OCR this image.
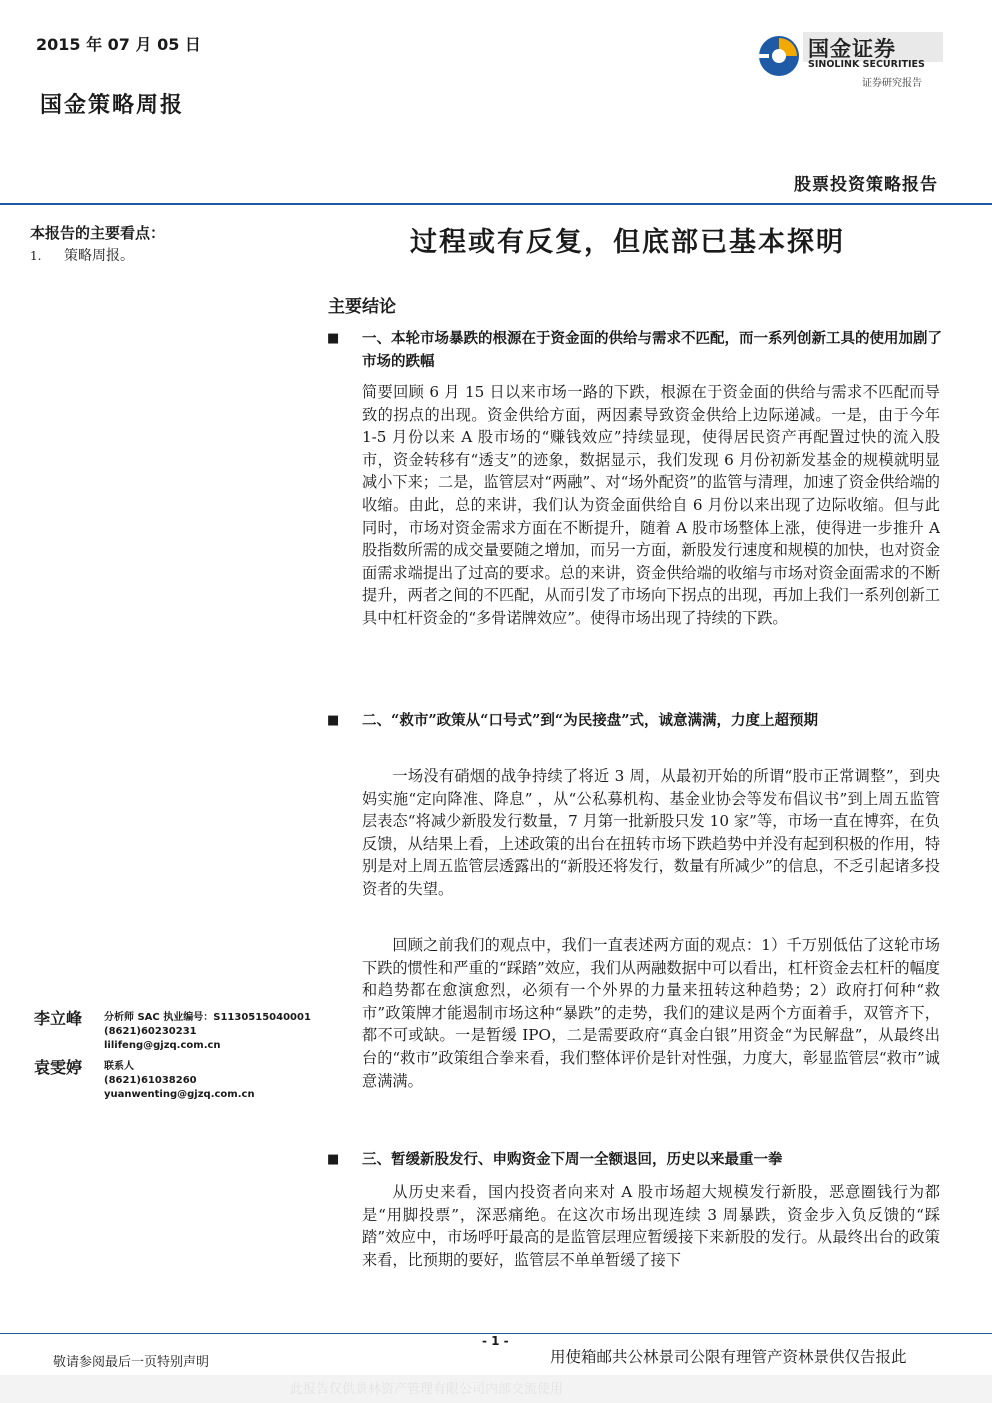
2015 年 07 月 05 日
国金策略周报
国金证券
SINOLINK SECURITIES
证券研究报告
股票投资策略报告
本报告的主要看点：
1. 策略周报。	过程或有反复，但底部已基本探明
主要结论
■ 一、本轮市场暴跌的根源在于资金面的供给与需求不匹配，而一系列创新工具的使用加剧了市场的跌幅

简要回顾 6 月 15 日以来市场一路的下跌，根源在于资金面的供给与需求不匹配而导致的拐点的出现。资金供给方面，两因素导致资金供给上边际递减。一是，由于今年 1-5 月份以来 A 股市场的“赚钱效应”持续显现，使得居民资产再配置过快的流入股市，资金转移有“透支”的迹象，数据显示，我们发现 6 月份初新发基金的规模就明显减小下来；二是，监管层对“两融”、对“场外配资”的监管与清理，加速了资金供给端的收缩。由此，总的来讲，我们认为资金面供给自 6 月份以来出现了边际收缩。但与此同时，市场对资金需求方面在不断提升，随着 A 股市场整体上涨，使得进一步推升 A 股指数所需的成交量要随之增加，而另一方面，新股发行速度和规模的加快，也对资金面需求端提出了过高的要求。总的来讲，资金供给端的收缩与市场对资金面需求的不断提升，两者之间的不匹配，从而引发了市场向下拐点的出现，再加上我们一系列创新工具中杠杆资金的“多骨诺牌效应”。使得市场出现了持续的下跌。

■ 二、“救市”政策从“口号式”到“为民接盘”式，诚意满满，力度上超预期

一场没有硝烟的战争持续了将近 3 周，从最初开始的所谓“股市正常调整”，到央妈实施“定向降准、降息” ，从“公私募机构、基金业协会等发布倡议书”到上周五监管层表态“将减少新股发行数量，7 月第一批新股只发 10 家”等，市场一直在博弈，在负反馈，从结果上看，上述政策的出台在扭转市场下跌趋势中并没有起到积极的作用，特别是对上周五监管层透露出的“新股还将发行，数量有所减少”的信息，不乏引起诸多投资者的失望。

回顾之前我们的观点中，我们一直表述两方面的观点：1）千万别低估了这轮市场下跌的惯性和严重的“踩踏”效应，我们从两融数据中可以看出，杠杆资金去杠杆的幅度和趋势都在愈演愈烈，必须有一个外界的力量来扭转这种趋势；2）政府打何种“救市”政策牌才能遏制市场这种“暴跌”的走势，我们的建议是两个方面着手，双管齐下，都不可或缺。一是暂缓 IPO，二是需要政府“真金白银”用资金“为民解盘”，从最终出台的“救市”政策组合拳来看，我们整体评价是针对性强，力度大，彰显监管层“救市”诚意满满。

■ 三、暂缓新股发行、申购资金下周一全额退回，历史以来最重一拳

从历史来看，国内投资者向来对 A 股市场超大规模发行新股，恶意圈钱行为都是“用脚投票”，深恶痛绝。在这次市场出现连续 3 周暴跌，资金步入负反馈的“踩踏”效应中，市场呼吁最高的是监管层理应暂缓接下来新股的发行。从最终出台的政策来看，比预期的要好，监管层不单单暂缓了接下

李立峰 分析师 SAC 执业编号：S1130515040001
(8621)60230231
lilifeng@gjzq.com.cn
袁雯婷 联系人
(8621)61038260
yuanwenting@gjzq.com.cn
- 1 -
敬请参阅最后一页特别声明	用使箱邮共公林景司公限有理管产资林景供仅告报此
此报告仅供景林资产管理有限公司内部交流使用
